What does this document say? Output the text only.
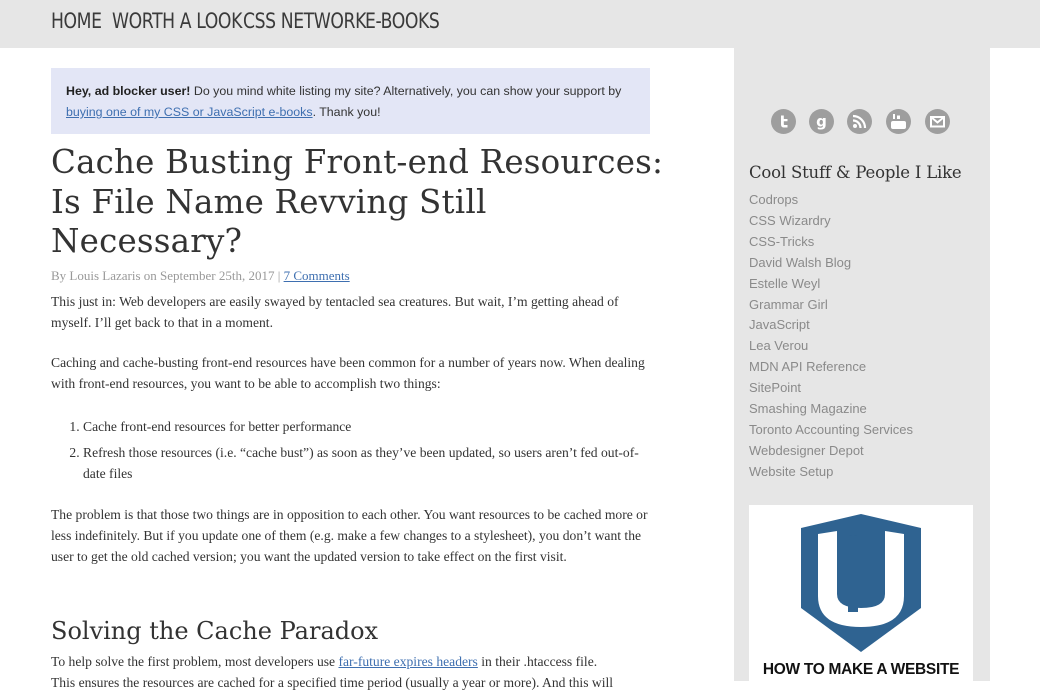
HOME WORTH A LOOK CSS NETWORK E-BOOKS
Hey, ad blocker user! Do you mind white listing my site? Alternatively, you can show your support by buying one of my CSS or JavaScript e-books. Thank you!
Cache Busting Front-end Resources: Is File Name Revving Still Necessary?
By Louis Lazaris on September 25th, 2017 | 7 Comments

This just in: Web developers are easily swayed by tentacled sea creatures. But wait, I’m getting ahead of myself. I’ll get back to that in a moment.

Caching and cache-busting front-end resources have been common for a number of years now. When dealing with front-end resources, you want to be able to accomplish two things:

1. Cache front-end resources for better performance
2. Refresh those resources (i.e. “cache bust”) as soon as they’ve been updated, so users aren’t fed out-of-date files

The problem is that those two things are in opposition to each other. You want resources to be cached more or less indefinitely. But if you update one of them (e.g. make a few changes to a stylesheet), you don’t want the user to get the old cached version; you want the updated version to take effect on the first visit.

Solving the Cache Paradox

To help solve the first problem, most developers use far-future expires headers in their .htaccess file.
This ensures the resources are cached for a specified time period (usually a year or more). And this will

g
Cool Stuff & People I Like
Codrops
CSS Wizardry
CSS-Tricks
David Walsh Blog
Estelle Weyl
Grammar Girl
JavaScript
Lea Verou
MDN API Reference
SitePoint
Smashing Magazine
Toronto Accounting Services
Webdesigner Depot
Website Setup
HOW TO MAKE A WEBSITE
